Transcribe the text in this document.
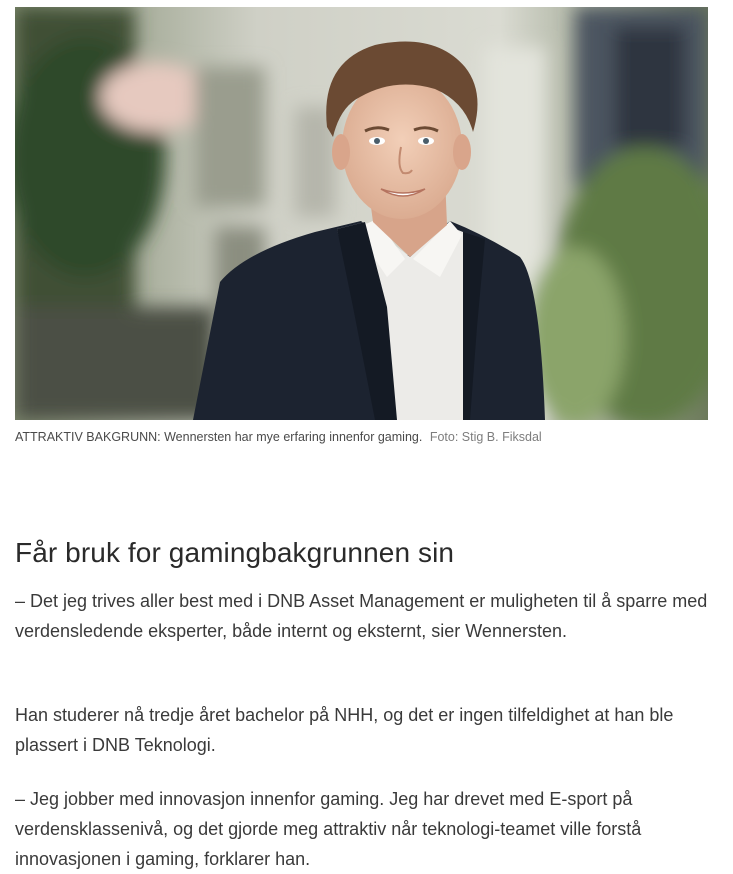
ATTRAKTIV BAKGRUNN: Wennersten har mye erfaring innenfor gaming. Foto: Stig B. Fiksdal
Får bruk for gamingbakgrunnen sin

– Det jeg trives aller best med i DNB Asset Management er muligheten til å sparre med verdensledende eksperter, både internt og eksternt, sier Wennersten.

Han studerer nå tredje året bachelor på NHH, og det er ingen tilfeldighet at han ble plassert i DNB Teknologi.

– Jeg jobber med innovasjon innenfor gaming. Jeg har drevet med E-sport på verdensklassenivå, og det gjorde meg attraktiv når teknologi-teamet ville forstå innovasjonen i gaming, forklarer han.
